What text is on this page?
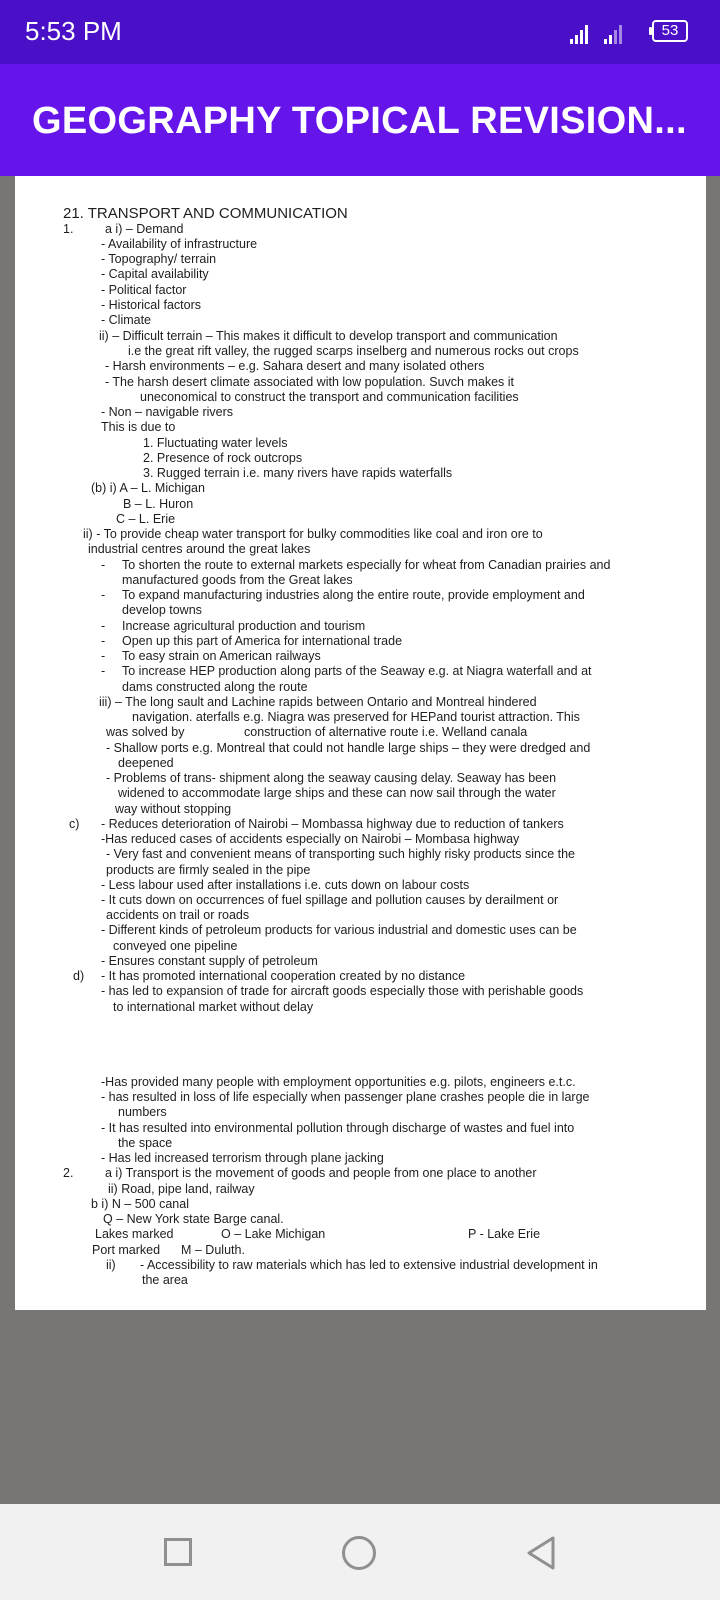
5:53 PM	53
GEOGRAPHY TOPICAL REVISION...
21. TRANSPORT AND COMMUNICATION
1.	a i) – Demand
- Availability of infrastructure
- Topography/ terrain
- Capital availability
- Political factor
- Historical factors
- Climate
ii) – Difficult terrain – This makes it difficult to develop transport and communication
i.e the great rift valley, the rugged scarps inselberg and numerous rocks out crops
- Harsh environments – e.g. Sahara desert and many isolated others
- The harsh desert climate associated with low population. Suvch makes it
uneconomical to construct the transport and communication facilities
- Non – navigable rivers
This is due to
1. Fluctuating water levels
2. Presence of rock outcrops
3. Rugged terrain i.e. many rivers have rapids waterfalls
(b) i) A – L. Michigan
B – L. Huron
C – L. Erie
ii) - To provide cheap water transport for bulky commodities like coal and iron ore to
industrial centres around the great lakes
- To shorten the route to external markets especially for wheat from Canadian prairies and
manufactured goods from the Great lakes
- To expand manufacturing industries along the entire route, provide employment and
develop towns
- Increase agricultural production and tourism
- Open up this part of America for international trade
- To easy strain on American railways
- To increase HEP production along parts of the Seaway e.g. at Niagra waterfall and at
dams constructed along the route
iii) – The long sault and Lachine rapids between Ontario and Montreal hindered
navigation. aterfalls e.g. Niagra was preserved for HEPand tourist attraction. This
was solved by	construction of alternative route i.e. Welland canala
- Shallow ports e.g. Montreal that could not handle large ships – they were dredged and
deepened
- Problems of trans- shipment along the seaway causing delay. Seaway has been
widened to accommodate large ships and these can now sail through the water
way without stopping
c) - Reduces deterioration of Nairobi – Mombassa highway due to reduction of tankers
-Has reduced cases of accidents especially on Nairobi – Mombasa highway
- Very fast and convenient means of transporting such highly risky products since the
products are firmly sealed in the pipe
- Less labour used after installations i.e. cuts down on labour costs
- It cuts down on occurrences of fuel spillage and pollution causes by derailment or
accidents on trail or roads
- Different kinds of petroleum products for various industrial and domestic uses can be
conveyed one pipeline
- Ensures constant supply of petroleum
d) - It has promoted international cooperation created by no distance
- has led to expansion of trade for aircraft goods especially those with perishable goods
to international market without delay
-Has provided many people with employment opportunities e.g. pilots, engineers e.t.c.
- has resulted in loss of life especially when passenger plane crashes people die in large
numbers
- It has resulted into environmental pollution through discharge of wastes and fuel into
the space
- Has led increased terrorism through plane jacking
2.	a i) Transport is the movement of goods and people from one place to another
ii) Road, pipe land, railway
b i) N – 500 canal
Q – New York state Barge canal.
Lakes marked	O – Lake Michigan	P - Lake Erie
Port marked M – Duluth.
ii) - Accessibility to raw materials which has led to extensive industrial development in
the area
